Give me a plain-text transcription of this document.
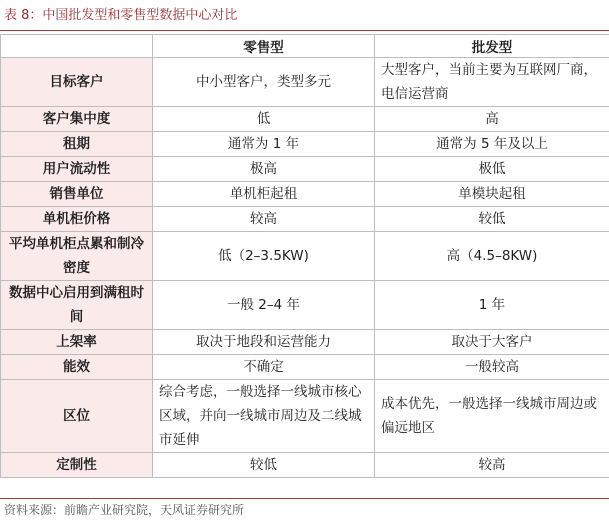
表 8：中国批发型和零售型数据中心对比
	零售型	批发型
目标客户	中小型客户，类型多元	大型客户，当前主要为互联网厂商，电信运营商
客户集中度	低	高
租期	通常为 1 年	通常为 5 年及以上
用户流动性	极高	极低
销售单位	单机柜起租	单模块起租
单机柜价格	较高	较低
平均单机柜点累和制冷密度	低（2–3.5KW)	高（4.5–8KW)
数据中心启用到满租时间	一般 2–4 年	1 年
上架率	取决于地段和运营能力	取决于大客户
能效	不确定	一般较高
区位	综合考虑，一般选择一线城市核心区域，并向一线城市周边及二线城市延伸	成本优先，一般选择一线城市周边或偏远地区
定制性	较低	较高
资料来源：前瞻产业研究院，天风证券研究所
